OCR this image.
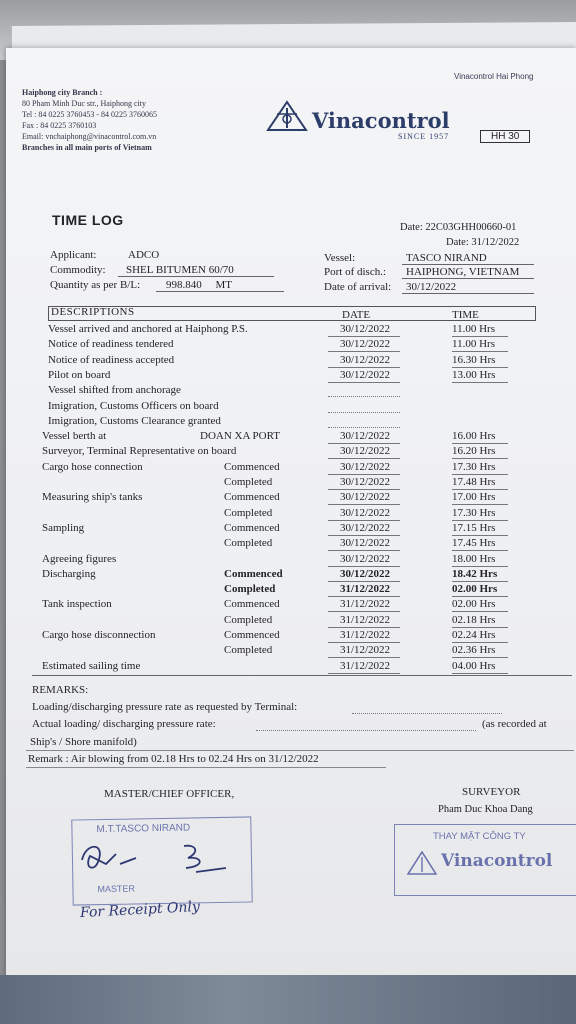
Vinacontrol Hai Phong
Haiphong city Branch :
80 Pham Minh Duc str., Haiphong city
Tel : 84 0225 3760453 - 84 0225 3760065
Fax : 84 0225 3760103
Email: vnchaiphong@vinacontrol.com.vn
Branches in all main ports of Vietnam
Vinacontrol
SINCE 1957	HH 30
TIME LOG	Date: 22C03GHH00660-01
Date: 31/12/2022
Applicant:	ADCO
Commodity:	SHEL BITUMEN 60/70
Quantity as per B/L:	998.840 MT
Vessel:	TASCO NIRAND
Port of disch.:	HAIPHONG, VIETNAM
Date of arrival:	30/12/2022
DESCRIPTIONS	DATE	TIME
Vessel arrived and anchored at Haiphong P.S.	30/12/2022	11.00 Hrs
Notice of readiness tendered	30/12/2022	11.00 Hrs
Notice of readiness accepted	30/12/2022	16.30 Hrs
Pilot on board	30/12/2022	13.00 Hrs
Vessel shifted from anchorage
Imigration, Customs Officers on board
Imigration, Customs Clearance granted
Vessel berth at	DOAN XA PORT	30/12/2022	16.00 Hrs
Surveyor, Terminal Representative on board	30/12/2022	16.20 Hrs
Cargo hose connection	Commenced	30/12/2022	17.30 Hrs
Completed	30/12/2022	17.48 Hrs
Measuring ship's tanks	Commenced	30/12/2022	17.00 Hrs
Completed	30/12/2022	17.30 Hrs
Sampling	Commenced	30/12/2022	17.15 Hrs
Completed	30/12/2022	17.45 Hrs
Agreeing figures	30/12/2022	18.00 Hrs
Discharging	Commenced	30/12/2022	18.42 Hrs
Completed	31/12/2022	02.00 Hrs
Tank inspection	Commenced	31/12/2022	02.00 Hrs
Completed	31/12/2022	02.18 Hrs
Cargo hose disconnection	Commenced	31/12/2022	02.24 Hrs
Completed	31/12/2022	02.36 Hrs
Estimated sailing time	31/12/2022	04.00 Hrs
REMARKS:
Loading/discharging pressure rate as requested by Terminal:
Actual loading/ discharging pressure rate:	(as recorded at
Ship's / Shore manifold)
Remark : Air blowing from 02.18 Hrs to 02.24 Hrs on 31/12/2022
MASTER/CHIEF OFFICER,	SURVEYOR
Pham Duc Khoa Dang
M.T.TASCO NIRAND
MASTER
For Receipt Only
THAY MẶT CÔNG TY
Vinacontrol
